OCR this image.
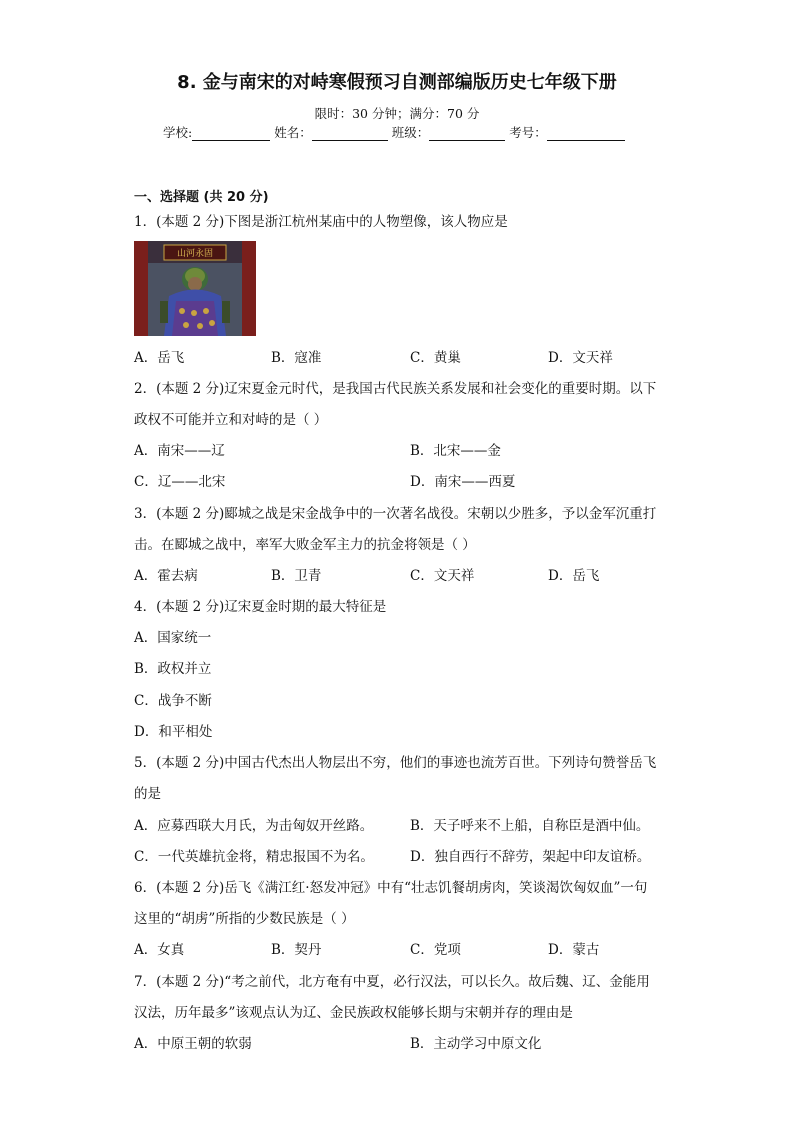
8. 金与南宋的对峙寒假预习自测部编版历史七年级下册
限时：30 分钟；满分：70 分
学校:	姓名：	班级：	考号：
一、选择题 (共 20 分)
1．(本题 2 分)下图是浙江杭州某庙中的人物塑像，该人物应是
山河永固
A．岳飞	B．寇准	C．黄巢	D．文天祥
2．(本题 2 分)辽宋夏金元时代，是我国古代民族关系发展和社会变化的重要时期。以下
政权不可能并立和对峙的是（ ）
A．南宋——辽	B．北宋——金
C．辽——北宋	D．南宋——西夏
3．(本题 2 分)郾城之战是宋金战争中的一次著名战役。宋朝以少胜多，予以金军沉重打
击。在郾城之战中，率军大败金军主力的抗金将领是（ ）
A．霍去病	B．卫青	C．文天祥	D．岳飞
4．(本题 2 分)辽宋夏金时期的最大特征是
A．国家统一
B．政权并立
C．战争不断
D．和平相处
5．(本题 2 分)中国古代杰出人物层出不穷，他们的事迹也流芳百世。下列诗句赞誉岳飞
的是
A．应募西联大月氏，为击匈奴开丝路。	B．天子呼来不上船，自称臣是酒中仙。
C．一代英雄抗金将，精忠报国不为名。	D．独自西行不辞劳，架起中印友谊桥。
6．(本题 2 分)岳飞《满江红·怒发冲冠》中有“壮志饥餐胡虏肉，笑谈渴饮匈奴血”一句
这里的“胡虏”所指的少数民族是（ ）
A．女真	B．契丹	C．党项	D．蒙古
7．(本题 2 分)“考之前代，北方奄有中夏，必行汉法，可以长久。故后魏、辽、金能用
汉法，历年最多”该观点认为辽、金民族政权能够长期与宋朝并存的理由是
A．中原王朝的软弱	B．主动学习中原文化
